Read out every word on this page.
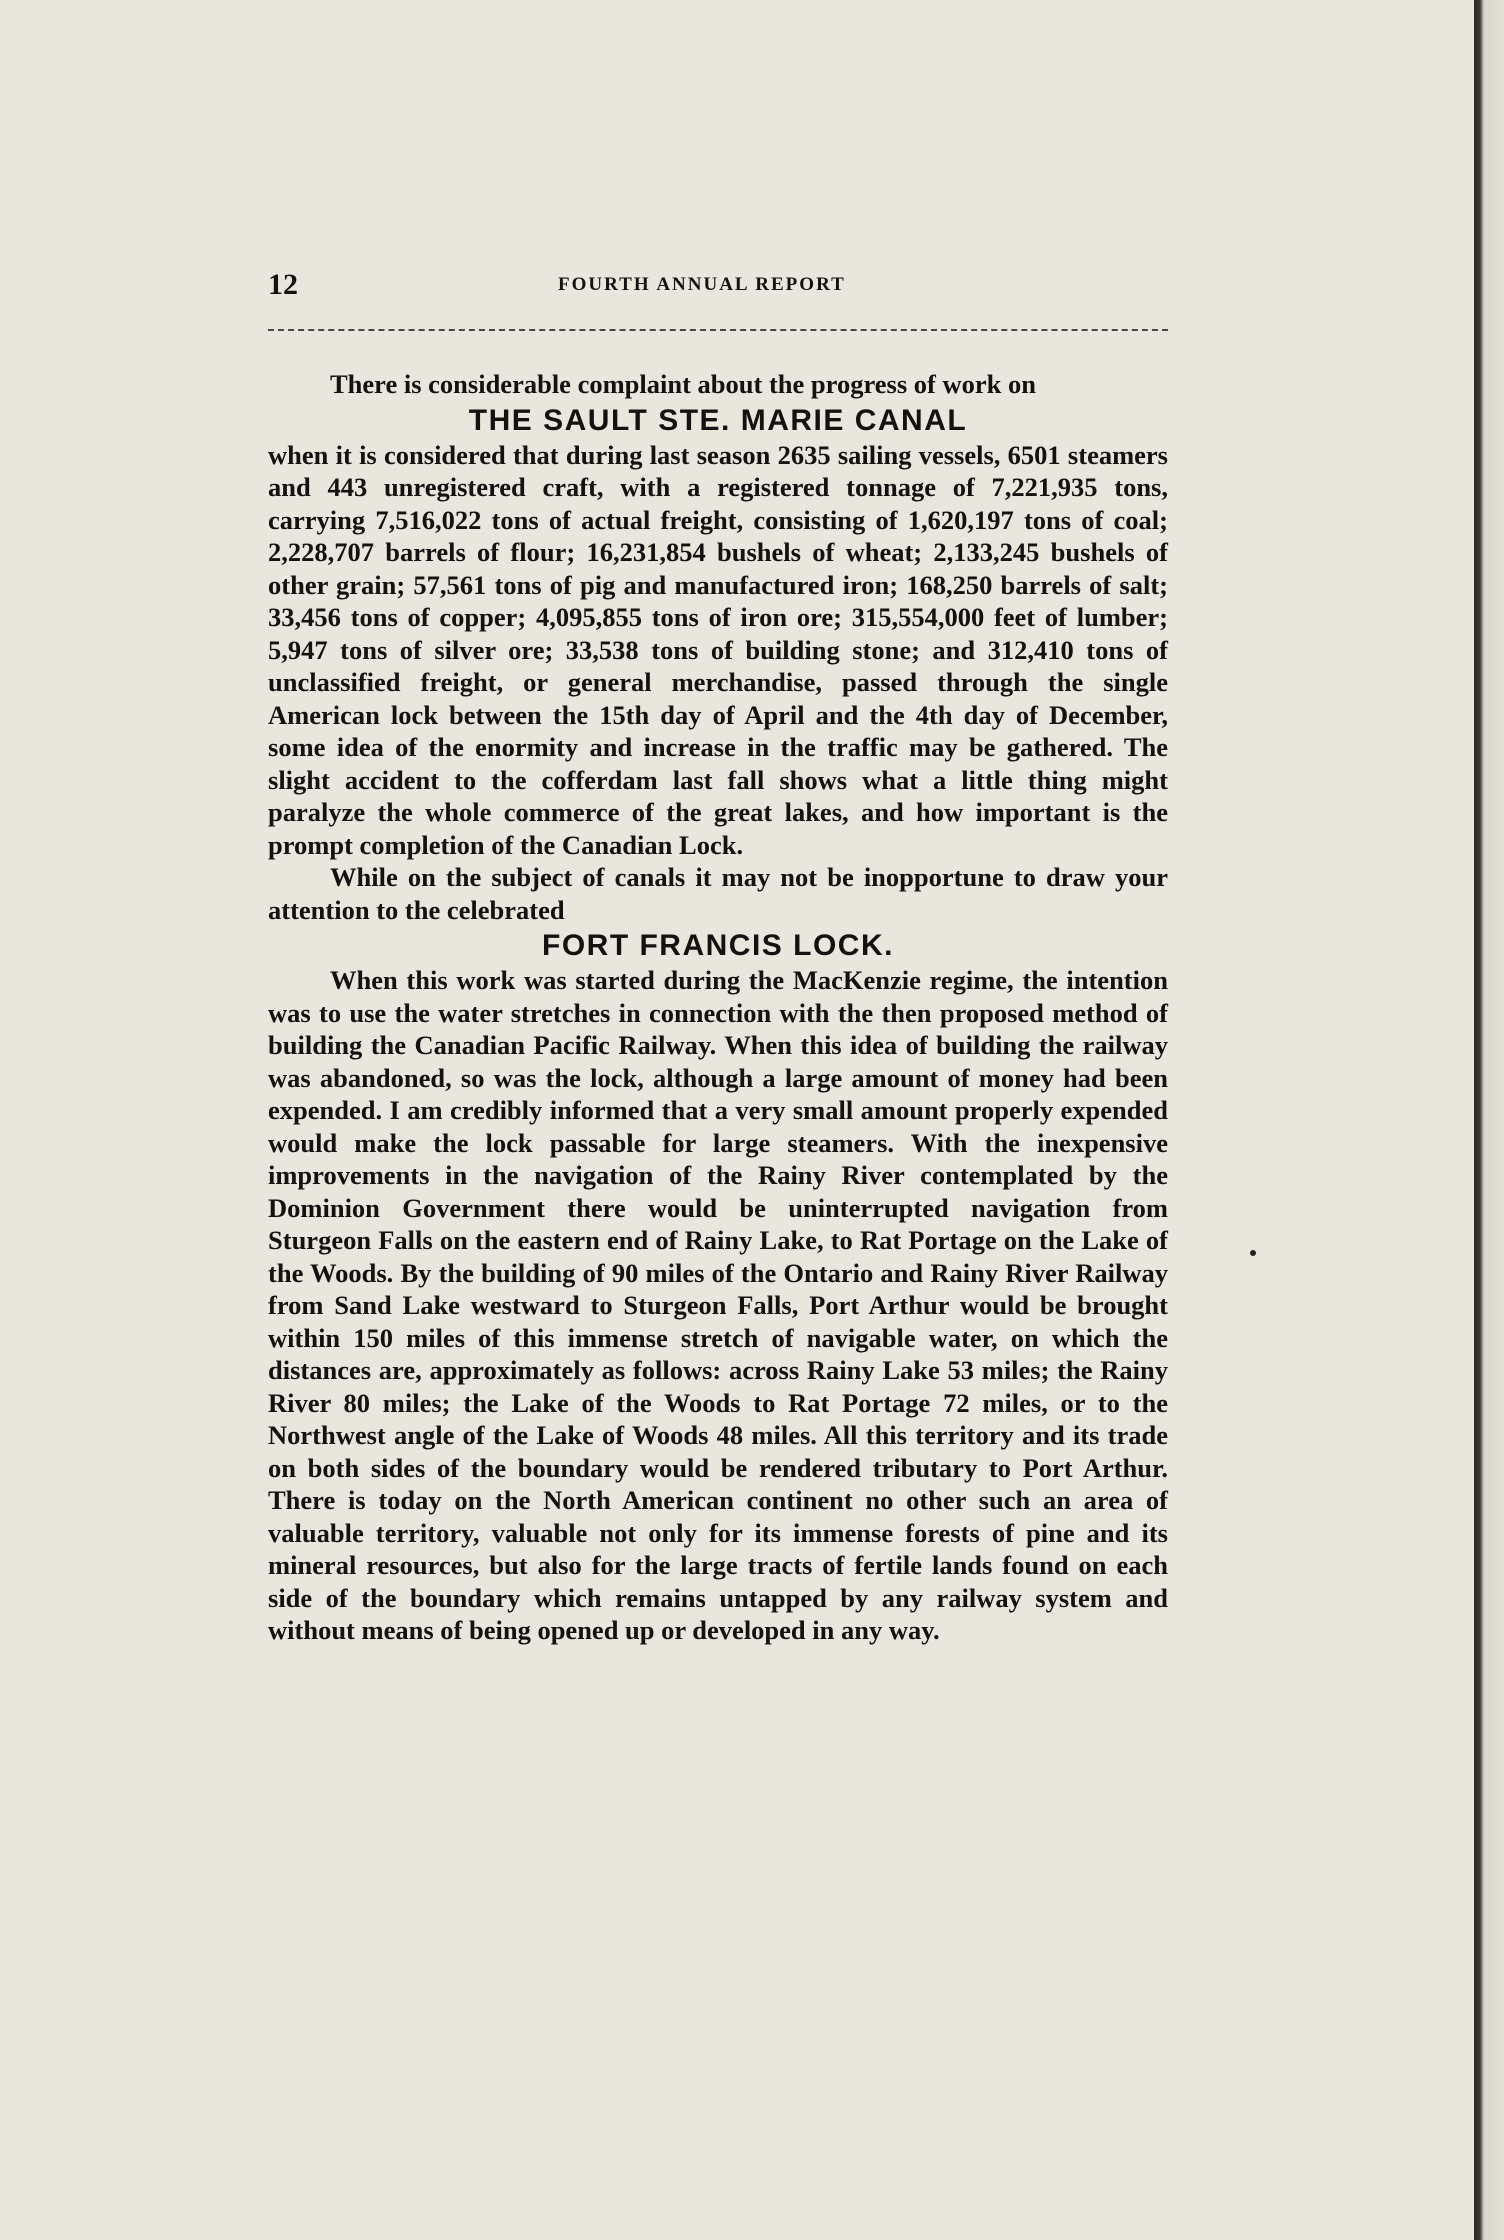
12	FOURTH ANNUAL REPORT

There is considerable complaint about the progress of work on

THE SAULT STE. MARIE CANAL

when it is considered that during last season 2635 sailing vessels, 6501 steamers and 443 unregistered craft, with a registered tonnage of 7,221,935 tons, carrying 7,516,022 tons of actual freight, consisting of 1,620,197 tons of coal; 2,228,707 barrels of flour; 16,231,854 bushels of wheat; 2,133,245 bushels of other grain; 57,561 tons of pig and manufactured iron; 168,250 barrels of salt; 33,456 tons of copper; 4,095,855 tons of iron ore; 315,554,000 feet of lumber; 5,947 tons of silver ore; 33,538 tons of building stone; and 312,410 tons of unclassified freight, or general merchandise, passed through the single American lock between the 15th day of April and the 4th day of December, some idea of the enormity and increase in the traffic may be gathered. The slight accident to the cofferdam last fall shows what a little thing might paralyze the whole commerce of the great lakes, and how important is the prompt completion of the Canadian Lock.

While on the subject of canals it may not be inopportune to draw your attention to the celebrated

FORT FRANCIS LOCK.

When this work was started during the MacKenzie regime, the intention was to use the water stretches in connection with the then proposed method of building the Canadian Pacific Railway. When this idea of building the railway was abandoned, so was the lock, although a large amount of money had been expended. I am credibly informed that a very small amount properly expended would make the lock passable for large steamers. With the inexpensive improvements in the navigation of the Rainy River contemplated by the Dominion Government there would be uninterrupted navigation from Sturgeon Falls on the eastern end of Rainy Lake, to Rat Portage on the Lake of the Woods. By the building of 90 miles of the Ontario and Rainy River Railway from Sand Lake westward to Sturgeon Falls, Port Arthur would be brought within 150 miles of this immense stretch of navigable water, on which the distances are, approximately as follows: across Rainy Lake 53 miles; the Rainy River 80 miles; the Lake of the Woods to Rat Portage 72 miles, or to the Northwest angle of the Lake of Woods 48 miles. All this territory and its trade on both sides of the boundary would be rendered tributary to Port Arthur. There is today on the North American continent no other such an area of valuable territory, valuable not only for its immense forests of pine and its mineral resources, but also for the large tracts of fertile lands found on each side of the boundary which remains untapped by any railway system and without means of being opened up or developed in any way.
